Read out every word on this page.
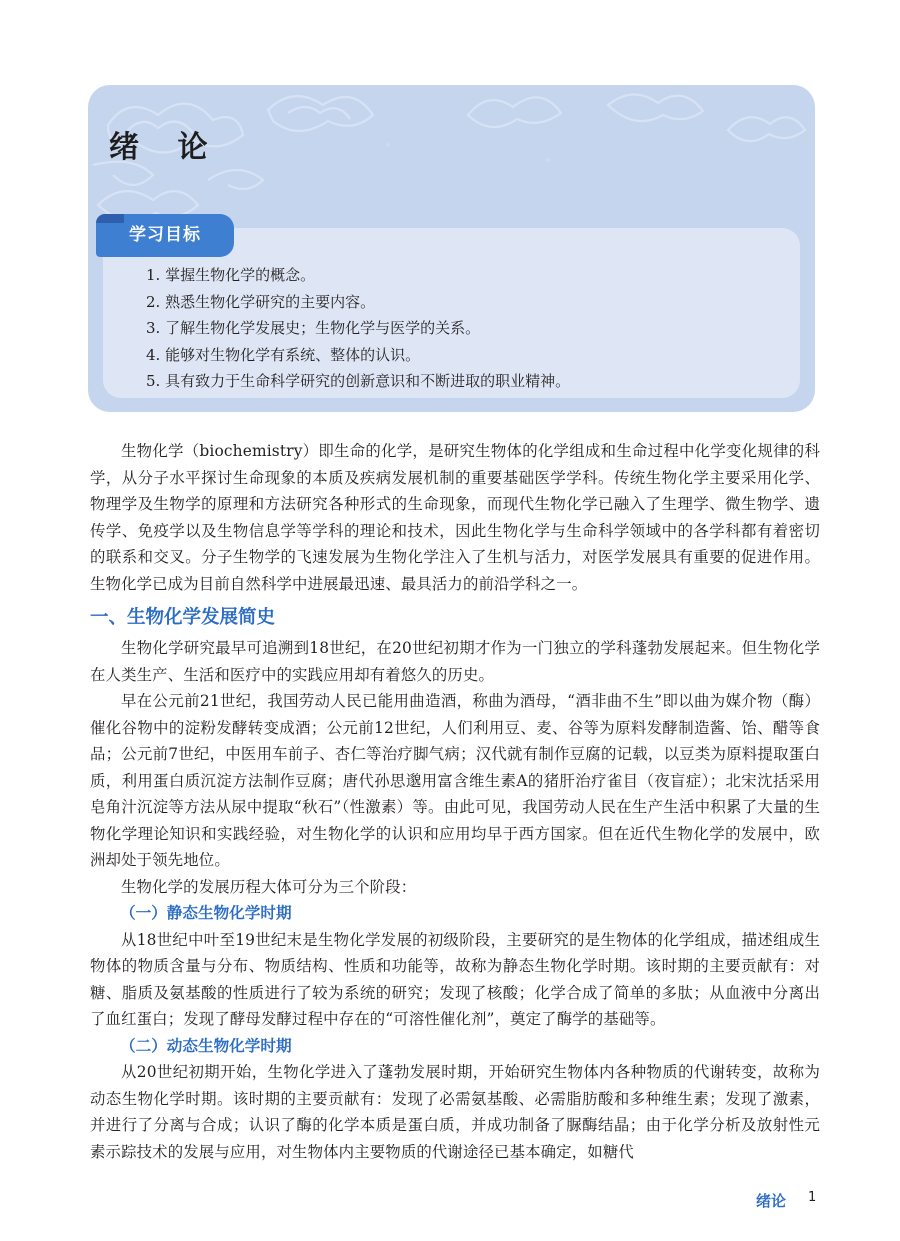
绪 论
学习目标
1. 掌握生物化学的概念。
2. 熟悉生物化学研究的主要内容。
3. 了解生物化学发展史；生物化学与医学的关系。
4. 能够对生物化学有系统、整体的认识。
5. 具有致力于生命科学研究的创新意识和不断进取的职业精神。

生物化学（biochemistry）即生命的化学，是研究生物体的化学组成和生命过程中化学变化规律的科学，从分子水平探讨生命现象的本质及疾病发展机制的重要基础医学学科。传统生物化学主要采用化学、物理学及生物学的原理和方法研究各种形式的生命现象，而现代生物化学已融入了生理学、微生物学、遗传学、免疫学以及生物信息学等学科的理论和技术，因此生物化学与生命科学领域中的各学科都有着密切的联系和交叉。分子生物学的飞速发展为生物化学注入了生机与活力，对医学发展具有重要的促进作用。生物化学已成为目前自然科学中进展最迅速、最具活力的前沿学科之一。

一、生物化学发展简史

生物化学研究最早可追溯到18世纪，在20世纪初期才作为一门独立的学科蓬勃发展起来。但生物化学在人类生产、生活和医疗中的实践应用却有着悠久的历史。

早在公元前21世纪，我国劳动人民已能用曲造酒，称曲为酒母，“酒非曲不生”即以曲为媒介物（酶）催化谷物中的淀粉发酵转变成酒；公元前12世纪，人们利用豆、麦、谷等为原料发酵制造酱、饴、醋等食品；公元前7世纪，中医用车前子、杏仁等治疗脚气病；汉代就有制作豆腐的记载，以豆类为原料提取蛋白质，利用蛋白质沉淀方法制作豆腐；唐代孙思邈用富含维生素A的猪肝治疗雀目（夜盲症）；北宋沈括采用皂角汁沉淀等方法从尿中提取“秋石”（性激素）等。由此可见，我国劳动人民在生产生活中积累了大量的生物化学理论知识和实践经验，对生物化学的认识和应用均早于西方国家。但在近代生物化学的发展中，欧洲却处于领先地位。

生物化学的发展历程大体可分为三个阶段：

（一）静态生物化学时期

从18世纪中叶至19世纪末是生物化学发展的初级阶段，主要研究的是生物体的化学组成，描述组成生物体的物质含量与分布、物质结构、性质和功能等，故称为静态生物化学时期。该时期的主要贡献有：对糖、脂质及氨基酸的性质进行了较为系统的研究；发现了核酸；化学合成了简单的多肽；从血液中分离出了血红蛋白；发现了酵母发酵过程中存在的“可溶性催化剂”，奠定了酶学的基础等。

（二）动态生物化学时期

从20世纪初期开始，生物化学进入了蓬勃发展时期，开始研究生物体内各种物质的代谢转变，故称为动态生物化学时期。该时期的主要贡献有：发现了必需氨基酸、必需脂肪酸和多种维生素；发现了激素，并进行了分离与合成；认识了酶的化学本质是蛋白质，并成功制备了脲酶结晶；由于化学分析及放射性元素示踪技术的发展与应用，对生物体内主要物质的代谢途径已基本确定，如糖代

绪论 1
